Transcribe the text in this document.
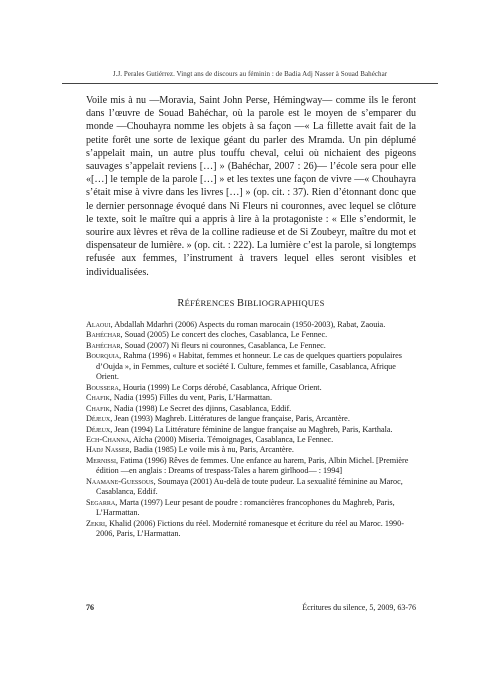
J.J. Perales Gutiérrez. Vingt ans de discours au féminin : de Badia Adj Nasser à Souad Bahéchar

Voile mis à nu —Moravia, Saint John Perse, Hémingway— comme ils le feront dans l’œuvre de Souad Bahéchar, où la parole est le moyen de s’emparer du monde —Chouhayra nomme les objets à sa façon —« La fillette avait fait de la petite forêt une sorte de lexique géant du parler des Mramda. Un pin déplumé s’appelait main, un autre plus touffu cheval, celui où nichaient des pigeons sauvages s’appelait reviens […] » (Bahéchar, 2007 : 26)— l’école sera pour elle «[…] le temple de la parole […] » et les textes une façon de vivre —« Chouhayra s’était mise à vivre dans les livres […] » (op. cit. : 37). Rien d’étonnant donc que le dernier personnage évoqué dans Ni Fleurs ni couronnes, avec lequel se clôture le texte, soit le maître qui a appris à lire à la protagoniste : « Elle s’endormit, le sourire aux lèvres et rêva de la colline radieuse et de Si Zoubeyr, maître du mot et dispensateur de lumière. » (op. cit. : 222). La lumière c’est la parole, si longtemps refusée aux femmes, l’instrument à travers lequel elles seront visibles et individualisées.

RÉFÉRENCES BIBLIOGRAPHIQUES
Alaoui, Abdallah Mdarhri (2006) Aspects du roman marocain (1950-2003), Rabat, Zaouia.
Bahéchar, Souad (2005) Le concert des cloches, Casablanca, Le Fennec.
Bahéchar, Souad (2007) Ni fleurs ni couronnes, Casablanca, Le Fennec.
Bourquia, Rahma (1996) « Habitat, femmes et honneur. Le cas de quelques quartiers populaires d’Oujda », in Femmes, culture et société I. Culture, femmes et famille, Casablanca, Afrique Orient.
Boussera, Houria (1999) Le Corps dérobé, Casablanca, Afrique Orient.
Chafik, Nadia (1995) Filles du vent, Paris, L’Harmattan.
Chafik, Nadia (1998) Le Secret des djinns, Casablanca, Eddif.
Déjeux, Jean (1993) Maghreb. Littératures de langue française, Paris, Arcantère.
Déjeux, Jean (1994) La Littérature féminine de langue française au Maghreb, Paris, Karthala.
Ech-Channa, Aïcha (2000) Miseria. Témoignages, Casablanca, Le Fennec.
Hadj Nasser, Badia (1985) Le voile mis à nu, Paris, Arcantère.
Mernissi, Fatima (1996) Rêves de femmes. Une enfance au harem, Paris, Albin Michel. [Première édition —en anglais : Dreams of trespass-Tales a harem girlhood— : 1994]
Naamane-Guessous, Soumaya (2001) Au-delà de toute pudeur. La sexualité féminine au Maroc, Casablanca, Eddif.
Segarra, Marta (1997) Leur pesant de poudre : romancières francophones du Maghreb, Paris, L’Harmattan.
Zekri, Khalid (2006) Fictions du réel. Modernité romanesque et écriture du réel au Maroc. 1990-2006, Paris, L’Harmattan.
76	Écritures du silence, 5, 2009, 63-76
